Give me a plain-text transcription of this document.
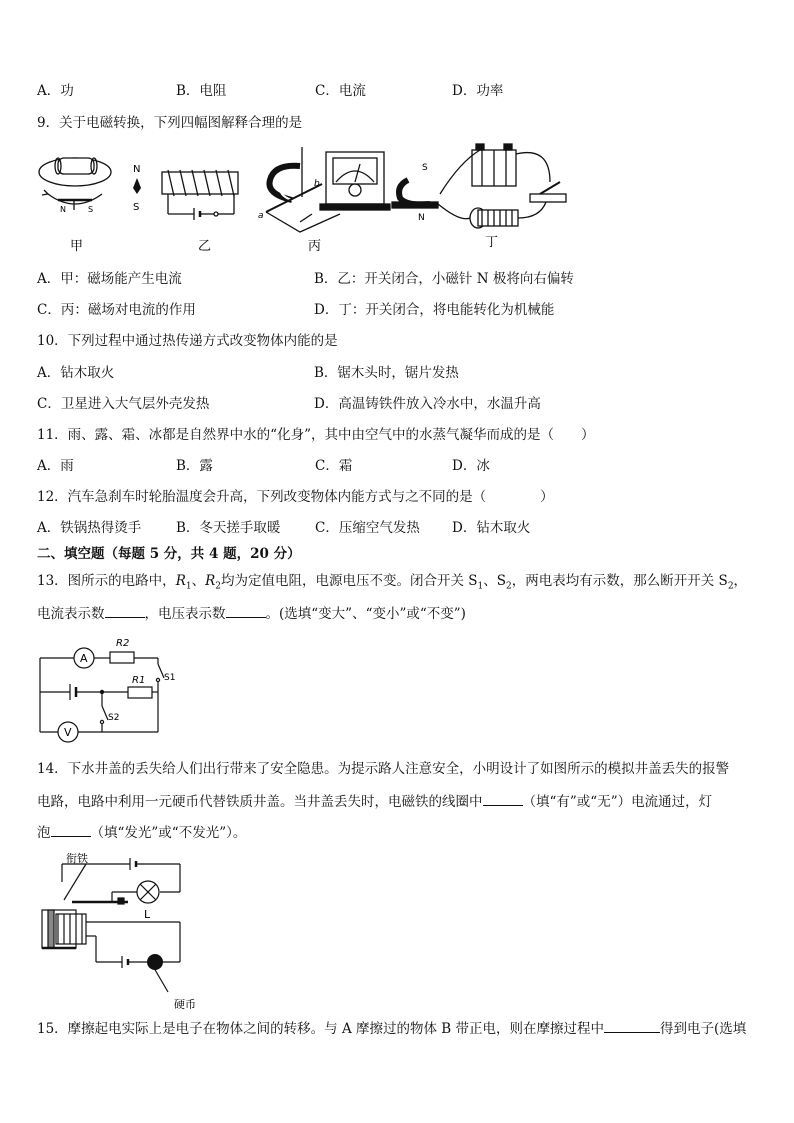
A．功	B．电阻	C．电流	D．功率
9．关于电磁转换，下列四幅图解释合理的是
N	S
N
S
a
b
S
N
甲	乙	丙	丁
A．甲：磁场能产生电流	B．乙：开关闭合，小磁针 N 极将向右偏转
C．丙：磁场对电流的作用	D．丁：开关闭合，将电能转化为机械能
10．下列过程中通过热传递方式改变物体内能的是
A．钻木取火	B．锯木头时，锯片发热
C．卫星进入大气层外壳发热	D．高温铸铁件放入冷水中，水温升高
11．雨、露、霜、冰都是自然界中水的“化身”，其中由空气中的水蒸气凝华而成的是（　　）
A．雨	B．露	C．霜	D．冰
12．汽车急刹车时轮胎温度会升高，下列改变物体内能方式与之不同的是（　　　　）
A．铁锅热得烫手	B．冬天搓手取暖	C．压缩空气发热 D．钻木取火
二、填空题（每题 5 分，共 4 题，20 分）
13．图所示的电路中，$R_1$、$R_2$均为定值电阻，电源电压不变。闭合开关 $S_1$、$S_2$，两电表均有示数，那么断开开关 $S_2$，
电流表示数	，电压表示数	。(选填“变大”、“变小”或“不变”)
A
V
R2
R1 S1
S2
14．下水井盖的丢失给人们出行带来了安全隐患。为提示路人注意安全，小明设计了如图所示的模拟井盖丢失的报警
电路，电路中利用一元硬币代替铁质井盖。当井盖丢失时，电磁铁的线圈中	（填“有”或“无”）电流通过，灯
泡	（填“发光”或“不发光”）。
衔铁
L
硬币
15．摩擦起电实际上是电子在物体之间的转移。与 A 摩擦过的物体 B 带正电，则在摩擦过程中	得到电子(选填
